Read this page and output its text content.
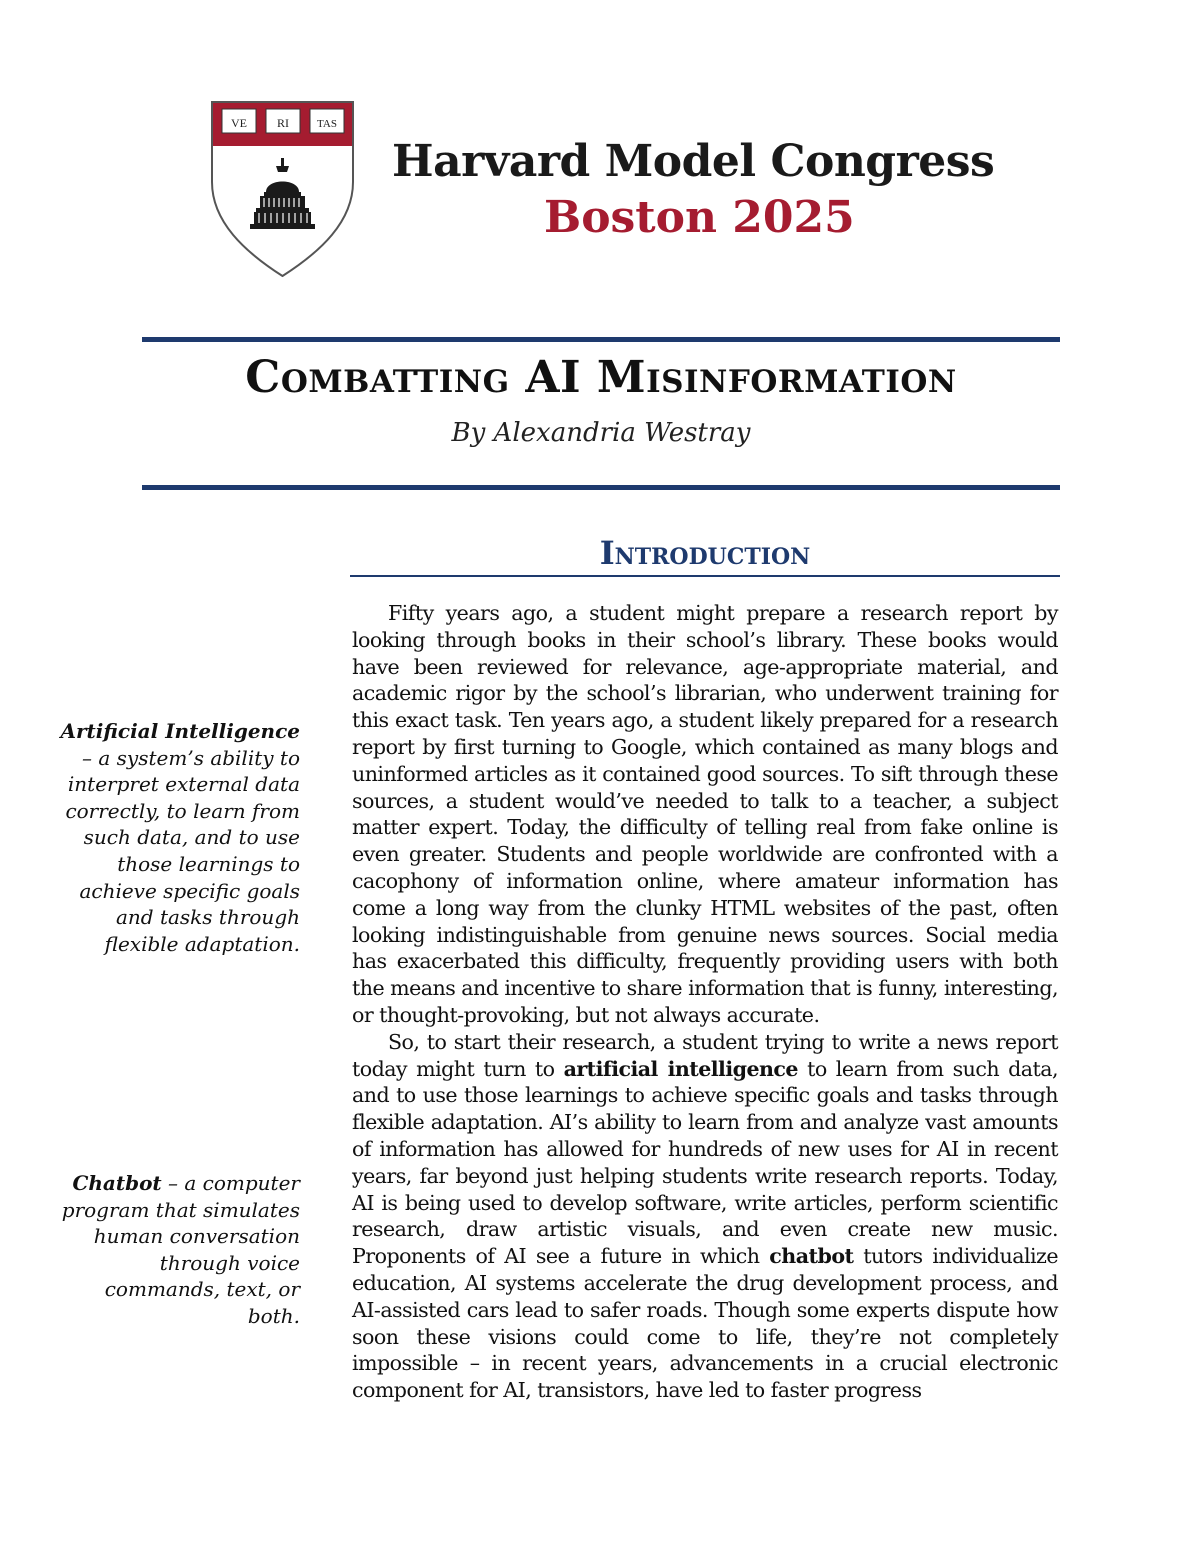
VE	RI	TAS
Harvard Model Congress
Boston 2025
Combatting AI Misinformation
By Alexandria Westray
Introduction
Artificial Intelligence – a system’s ability to interpret external data correctly, to learn from such data, and to use those learnings to achieve specific goals and tasks through flexible adaptation.
Chatbot – a computer program that simulates human conversation through voice commands, text, or both.

Fifty years ago, a student might prepare a research report by looking through books in their school’s library. These books would have been reviewed for relevance, age-appropriate material, and academic rigor by the school’s librarian, who underwent training for this exact task. Ten years ago, a student likely prepared for a research report by first turning to Google, which contained as many blogs and uninformed articles as it contained good sources. To sift through these sources, a student would’ve needed to talk to a teacher, a subject matter expert. Today, the difficulty of telling real from fake online is even greater. Students and people worldwide are confronted with a cacophony of information online, where amateur information has come a long way from the clunky HTML websites of the past, often looking indistinguishable from genuine news sources. Social media has exacerbated this difficulty, frequently providing users with both the means and incentive to share information that is funny, interesting, or thought-provoking, but not always accurate.

So, to start their research, a student trying to write a news report today might turn to artificial intelligence to learn from such data, and to use those learnings to achieve specific goals and tasks through flexible adaptation. AI’s ability to learn from and analyze vast amounts of information has allowed for hundreds of new uses for AI in recent years, far beyond just helping students write research reports. Today, AI is being used to develop software, write articles, perform scientific research, draw artistic visuals, and even create new music. Proponents of AI see a future in which chatbot tutors individualize education, AI systems accelerate the drug development process, and AI-assisted cars lead to safer roads. Though some experts dispute how soon these visions could come to life, they’re not completely impossible – in recent years, advancements in a crucial electronic component for AI, transistors, have led to faster progress
